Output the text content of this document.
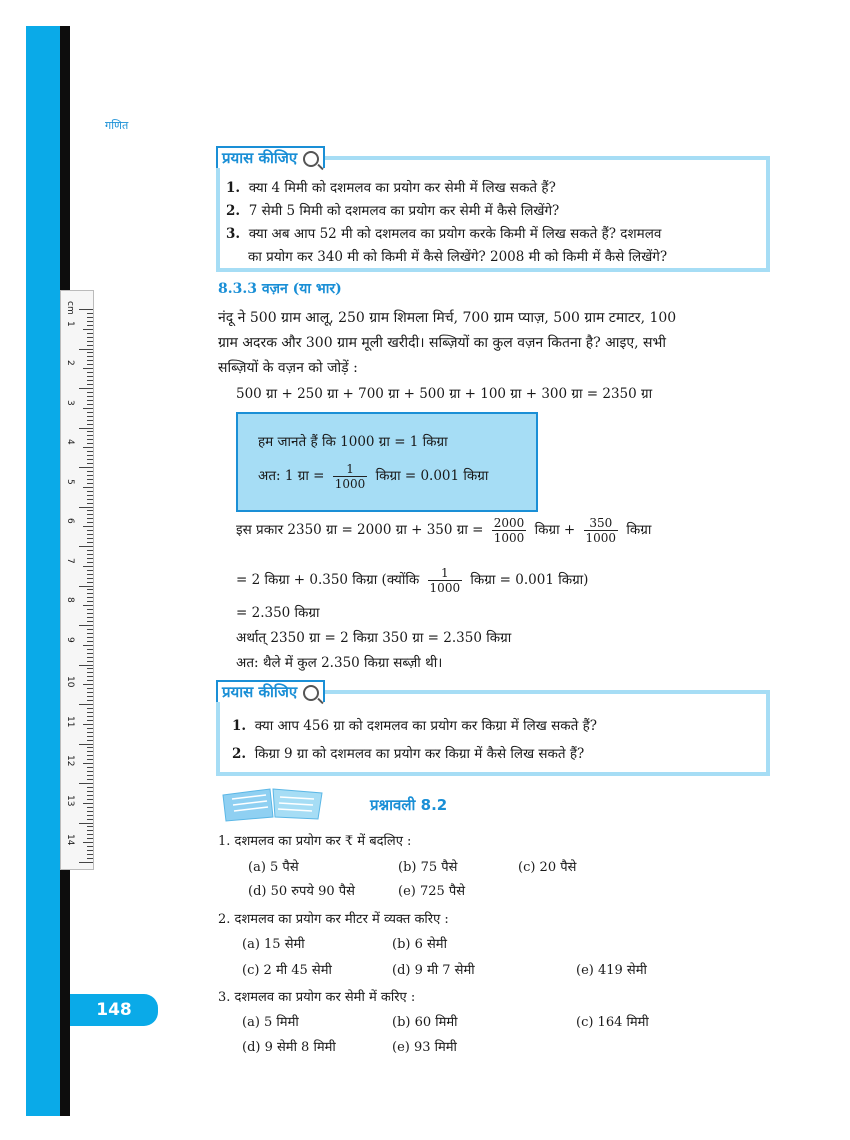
cm
1
2
3
4
5
6
7
8
9
10
11
12
13
14
गणित
प्रयास कीजिए
1. क्या 4 मिमी को दशमलव का प्रयोग कर सेमी में लिख सकते हैं?
2. 7 सेमी 5 मिमी को दशमलव का प्रयोग कर सेमी में कैसे लिखेंगे?
3. क्या अब आप 52 मी को दशमलव का प्रयोग करके किमी में लिख सकते हैं? दशमलव
का प्रयोग कर 340 मी को किमी में कैसे लिखेंगे? 2008 मी को किमी में कैसे लिखेंगे?
8.3.3 वज़न (या भार)
नंदू ने 500 ग्राम आलू, 250 ग्राम शिमला मिर्च, 700 ग्राम प्याज़, 500 ग्राम टमाटर, 100
ग्राम अदरक और 300 ग्राम मूली खरीदी। सब्ज़ियों का कुल वज़न कितना है? आइए, सभी
सब्ज़ियों के वज़न को जोड़ें :
500 ग्रा + 250 ग्रा + 700 ग्रा + 500 ग्रा + 100 ग्रा + 300 ग्रा = 2350 ग्रा
हम जानते हैं कि 1000 ग्रा = 1 किग्रा
अत: 1 ग्रा = $\frac{1}{1000}$ किग्रा = 0.001 किग्रा
इस प्रकार 2350 ग्रा = 2000 ग्रा + 350 ग्रा = $\frac{2000}{1000}$ किग्रा + $\frac{350}{1000}$ किग्रा
= 2 किग्रा + 0.350 किग्रा (क्योंकि $\frac{1}{1000}$ किग्रा = 0.001 किग्रा)
= 2.350 किग्रा
अर्थात् 2350 ग्रा = 2 किग्रा 350 ग्रा = 2.350 किग्रा
अत: थैले में कुल 2.350 किग्रा सब्ज़ी थी।
प्रयास कीजिए
1. क्या आप 456 ग्रा को दशमलव का प्रयोग कर किग्रा में लिख सकते हैं?
2. किग्रा 9 ग्रा को दशमलव का प्रयोग कर किग्रा में कैसे लिख सकते हैं?
प्रश्नावली 8.2
1. दशमलव का प्रयोग कर ₹ में बदलिए :
(a) 5 पैसे	(b) 75 पैसे	(c) 20 पैसे
(d) 50 रुपये 90 पैसे	(e) 725 पैसे
2. दशमलव का प्रयोग कर मीटर में व्यक्त करिए :
(a) 15 सेमी	(b) 6 सेमी
(c) 2 मी 45 सेमी	(d) 9 मी 7 सेमी	(e) 419 सेमी
3. दशमलव का प्रयोग कर सेमी में करिए :
(a) 5 मिमी	(b) 60 मिमी	(c) 164 मिमी
(d) 9 सेमी 8 मिमी	(e) 93 मिमी
148
